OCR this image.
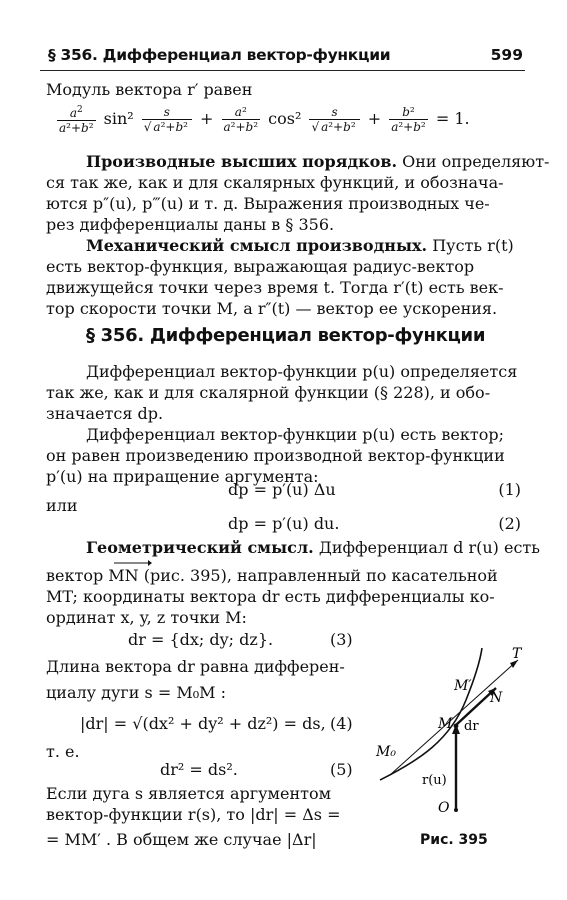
§ 356. Дифференциал вектор-функции	599
Модуль вектора r′ равен
$\frac{a^2}{\text{a²+b²}} \sin^2 \frac{s}{\text{√ a²+b²}} + \frac{\text{a²}}{\text{a²+b²}} \cos^2 \frac{s}{\text{√ a²+b²}} + \frac{\text{b²}}{\text{a²+b²}} = 1$.
Производные высших порядков. Они определяют-
ся так же, как и для скалярных функций, и обознача-
ются p″(u), p‴(u) и т. д. Выражения производных че-
рез дифференциалы даны в § 356.
Механический смысл производных. Пусть r(t)
есть вектор-функция, выражающая радиус-вектор
движущейся точки через время t. Тогда r′(t) есть век-
тор скорости точки M, а r″(t) — вектор ее ускорения.
§ 356. Дифференциал вектор-функции
Дифференциал вектор-функции p(u) определяется
так же, как и для скалярной функции (§ 228), и обо-
значается dp.
Дифференциал вектор-функции p(u) есть вектор;
он равен произведению производной вектор-функции
p′(u) на приращение аргумента:
dp = p′(u) Δu	(1)
или
dp = p′(u) du.	(2)
Геометрический смысл. Дифференциал d r(u) есть
вектор MN (рис. 395), направленный по касательной
MT; координаты вектора dr есть дифференциалы ко-
ординат x, y, z точки M:
dr = {dx; dy; dz}.	(3)
Длина вектора dr равна дифферен-
циалу дуги s = M₀M :
|dr| = √(dx² + dy² + dz²) = ds, (4)
т. е.
dr² = ds².	(5)
Если дуга s является аргументом
вектор-функции r(s), то |dr| = Δs =
= MM′ . В общем же случае |Δr|
T
M′
N
M dr
M₀
r(u)
O
Рис. 395
